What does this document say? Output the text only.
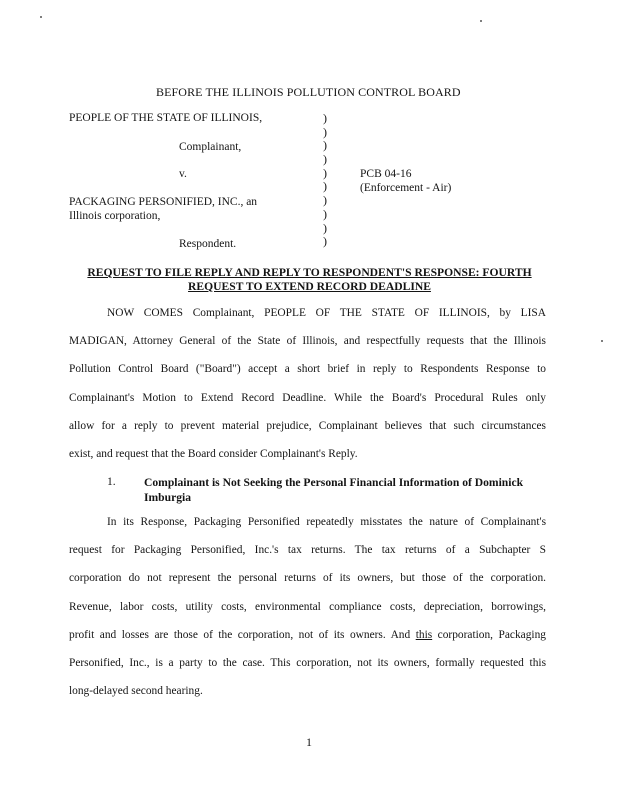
BEFORE THE ILLINOIS POLLUTION CONTROL BOARD
PEOPLE OF THE STATE OF ILLINOIS,
Complainant,
v.
PACKAGING PERSONIFIED, INC., an
Illinois corporation,
Respondent.
)
)
)
)
)
)
)
)
)
)
PCB 04-16
(Enforcement - Air)
REQUEST TO FILE REPLY AND REPLY TO RESPONDENT'S RESPONSE: FOURTH
REQUEST TO EXTEND RECORD DEADLINE
NOW COMES Complainant, PEOPLE OF THE STATE OF ILLINOIS, by LISA
MADIGAN, Attorney General of the State of Illinois, and respectfully requests that the Illinois
Pollution Control Board ("Board") accept a short brief in reply to Respondents Response to
Complainant's Motion to Extend Record Deadline. While the Board's Procedural Rules only
allow for a reply to prevent material prejudice, Complainant believes that such circumstances
exist, and request that the Board consider Complainant's Reply.
1. Complainant is Not Seeking the Personal Financial Information of Dominick Imburgia
In its Response, Packaging Personified repeatedly misstates the nature of Complainant's
request for Packaging Personified, Inc.'s tax returns. The tax returns of a Subchapter S
corporation do not represent the personal returns of its owners, but those of the corporation.
Revenue, labor costs, utility costs, environmental compliance costs, depreciation, borrowings,
profit and losses are those of the corporation, not of its owners. And this corporation, Packaging
Personified, Inc., is a party to the case. This corporation, not its owners, formally requested this
long-delayed second hearing.
1
